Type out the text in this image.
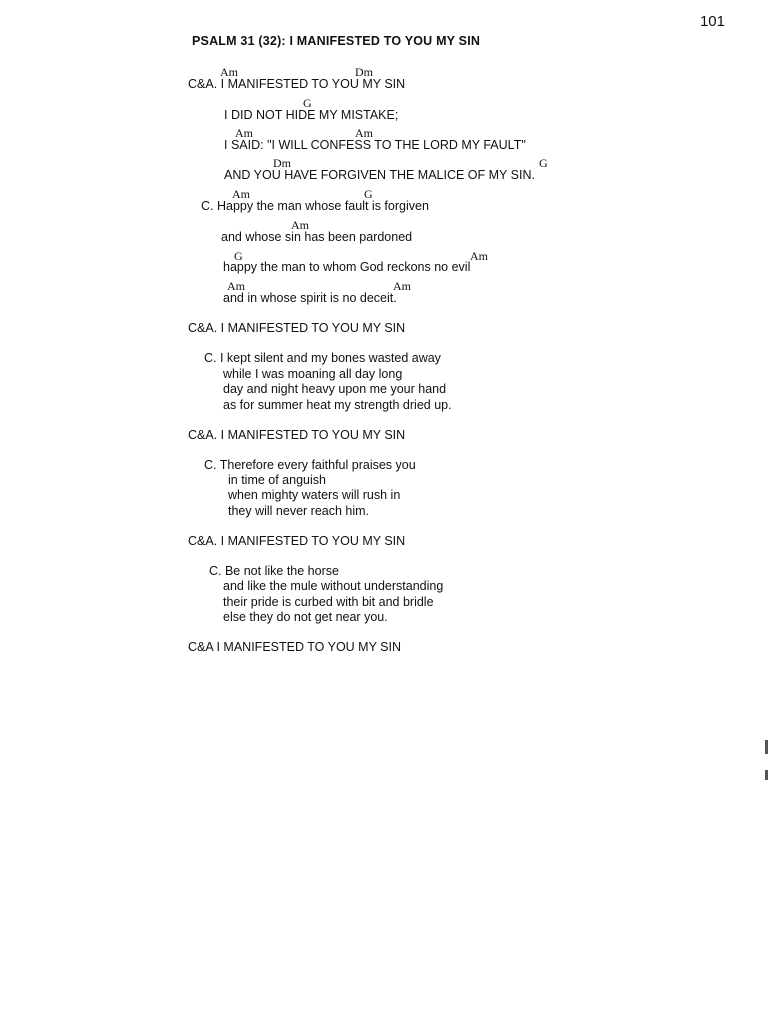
101
PSALM 31 (32): I MANIFESTED TO YOU MY SIN
Am	Dm
C&A. I MANIFESTED TO YOU MY SIN
G
I DID NOT HIDE MY MISTAKE;
Am	Am
I SAID: "I WILL CONFESS TO THE LORD MY FAULT"
Dm	G
AND YOU HAVE FORGIVEN THE MALICE OF MY SIN.
Am	G
C. Happy the man whose fault is forgiven
Am
and whose sin has been pardoned
G	Am
happy the man to whom God reckons no evil
Am	Am
and in whose spirit is no deceit.
C&A. I MANIFESTED TO YOU MY SIN
C. I kept silent and my bones wasted away
while I was moaning all day long
day and night heavy upon me your hand
as for summer heat my strength dried up.
C&A. I MANIFESTED TO YOU MY SIN
C. Therefore every faithful praises you
in time of anguish
when mighty waters will rush in
they will never reach him.
C&A. I MANIFESTED TO YOU MY SIN
C. Be not like the horse
and like the mule without understanding
their pride is curbed with bit and bridle
else they do not get near you.
C&A I MANIFESTED TO YOU MY SIN
